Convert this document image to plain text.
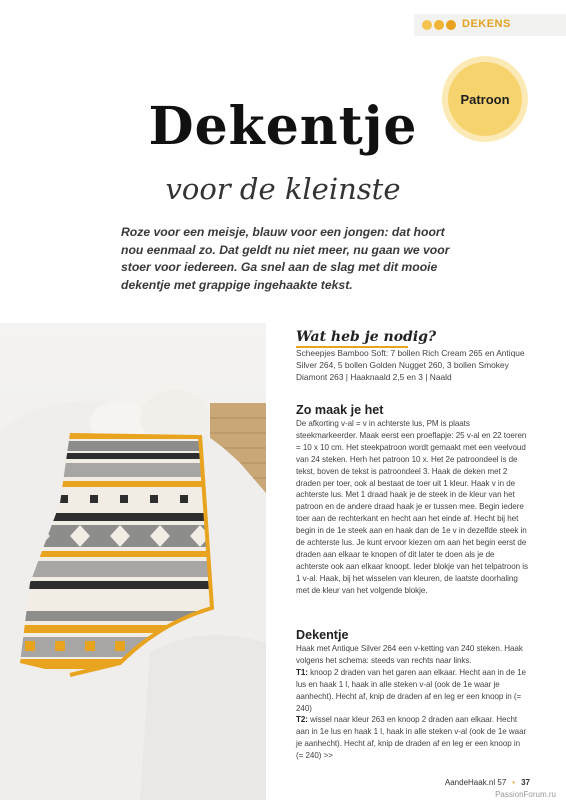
DEKENS
Patroon
Dekentje
voor de kleinste
Roze voor een meisje, blauw voor een jongen: dat hoort nou eenmaal zo. Dat geldt nu niet meer, nu gaan we voor stoer voor iedereen. Ga snel aan de slag met dit mooie dekentje met grappige ingehaakte tekst.
Wat heb je nodig?
Scheepjes Bamboo Soft: 7 bollen Rich Cream 265 en Antique Silver 264, 5 bollen Golden Nugget 260, 3 bollen Smokey Diamont 263 | Haaknaald 2,5 en 3 | Naald
Zo maak je het
De afkorting v-al = v in achterste lus, PM is plaats steekmarkeerder. Maak eerst een proeflapje: 25 v-al en 22 toeren = 10 x 10 cm. Het steekpatroon wordt gemaakt met een veelvoud van 24 steken. Herh het patroon 10 x. Het 2e patroondeel is de tekst, boven de tekst is patroondeel 3. Haak de deken met 2 draden per toer, ook al bestaat de toer uit 1 kleur. Haak v in de achterste lus. Met 1 draad haak je de steek in de kleur van het patroon en de andere draad haak je er tussen mee. Begin iedere toer aan de rechterkant en hecht aan het einde af. Hecht bij het begin in de 1e steek aan en haak dan de 1e v in dezelfde steek in de achterste lus. Je kunt ervoor kiezen om aan het begin eerst de draden aan elkaar te knopen of dit later te doen als je de achterste ook aan elkaar knoopt. Ieder blokje van het telpatroon is 1 v-al. Haak, bij het wisselen van kleuren, de laatste doorhaling met de kleur van het volgende blokje.
Dekentje

Haak met Antique Silver 264 een v-ketting van 240 steken. Haak volgens het schema: steeds van rechts naar links.

T1: knoop 2 draden van het garen aan elkaar. Hecht aan in de 1e lus en haak 1 l, haak in alle steken v-al (ook de 1e waar je aanhecht). Hecht af, knip de draden af en leg er een knoop in (= 240)

T2: wissel naar kleur 263 en knoop 2 draden aan elkaar. Hecht aan in 1e lus en haak 1 l, haak in alle steken v-al (ook de 1e waar je aanhecht). Hecht af, knip de draden af en leg er een knoop in (= 240) >>

AandeHaak.nl 57 • 37
PassionForum.ru
